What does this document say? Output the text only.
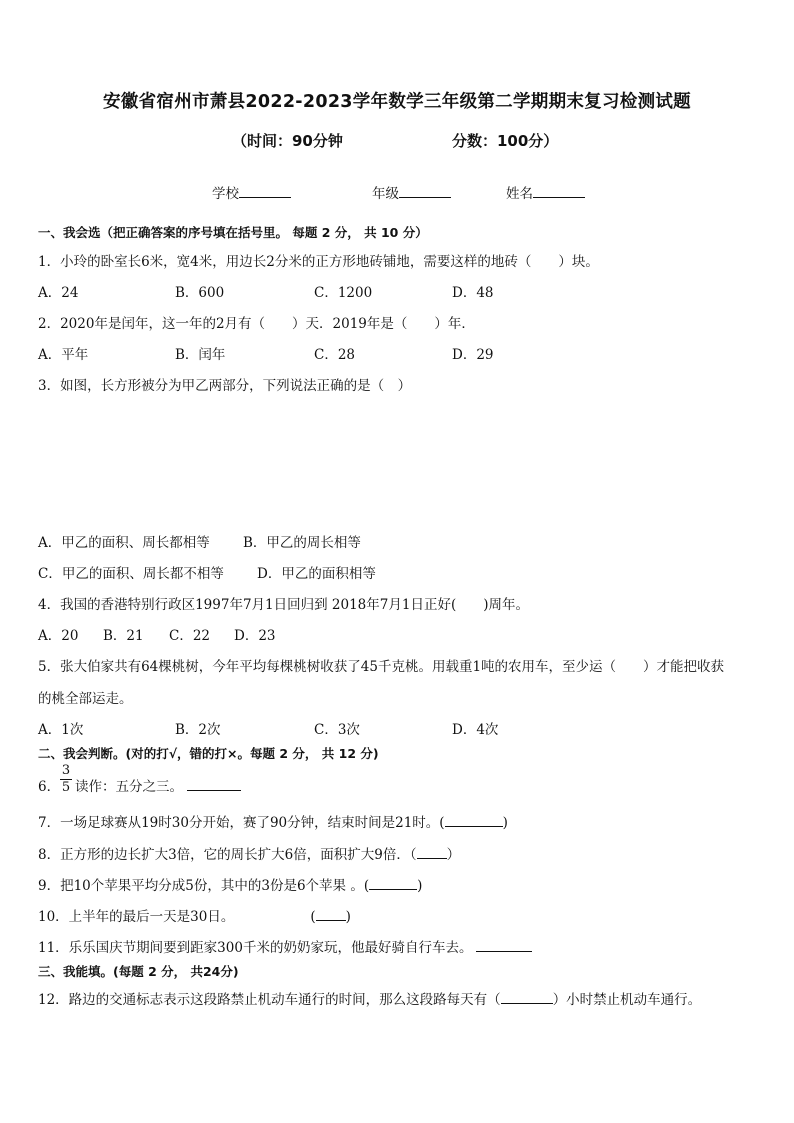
安徽省宿州市萧县2022-2023学年数学三年级第二学期期末复习检测试题
（时间：90分钟	分数：100分）
学校	年级	姓名
一、我会选（把正确答案的序号填在括号里。 每题 2 分， 共 10 分）
1．小玲的卧室长6米，宽4米，用边长2分米的正方形地砖铺地，需要这样的地砖（　　）块。
A．24	B．600	C．1200	D．48
2．2020年是闰年，这一年的2月有（　　）天．2019年是（　　）年．
A．平年	B．闰年	C．28	D．29
3．如图，长方形被分为甲乙两部分，下列说法正确的是（　）
A．甲乙的面积、周长都相等 B．甲乙的周长相等
C．甲乙的面积、周长都不相等 D．甲乙的面积相等
4．我国的香港特别行政区1997年7月1日回归到 2018年7月1日正好(　　)周年。
A．20 B．21 C．22 D．23
5．张大伯家共有64棵桃树，今年平均每棵桃树收获了45千克桃。用载重1吨的农用车，至少运（　　）才能把收获
的桃全部运走。
A．1次	B．2次	C．3次	D．4次
二、我会判断。(对的打√，错的打×。每题 2 分， 共 12 分)
6．
3
5 读作：五分之三。
7．一场足球赛从19时30分开始，赛了90分钟，结束时间是21时。(	)
8．正方形的边长扩大3倍，它的周长扩大6倍，面积扩大9倍．（ ）
9．把10个苹果平均分成5份，其中的3份是6个苹果 。(	)
10．上半年的最后一天是30日。	( )
11．乐乐国庆节期间要到距家300千米的奶奶家玩，他最好骑自行车去。
三、我能填。(每题 2 分， 共24分)
12．路边的交通标志表示这段路禁止机动车通行的时间，那么这段路每天有（	）小时禁止机动车通行。
